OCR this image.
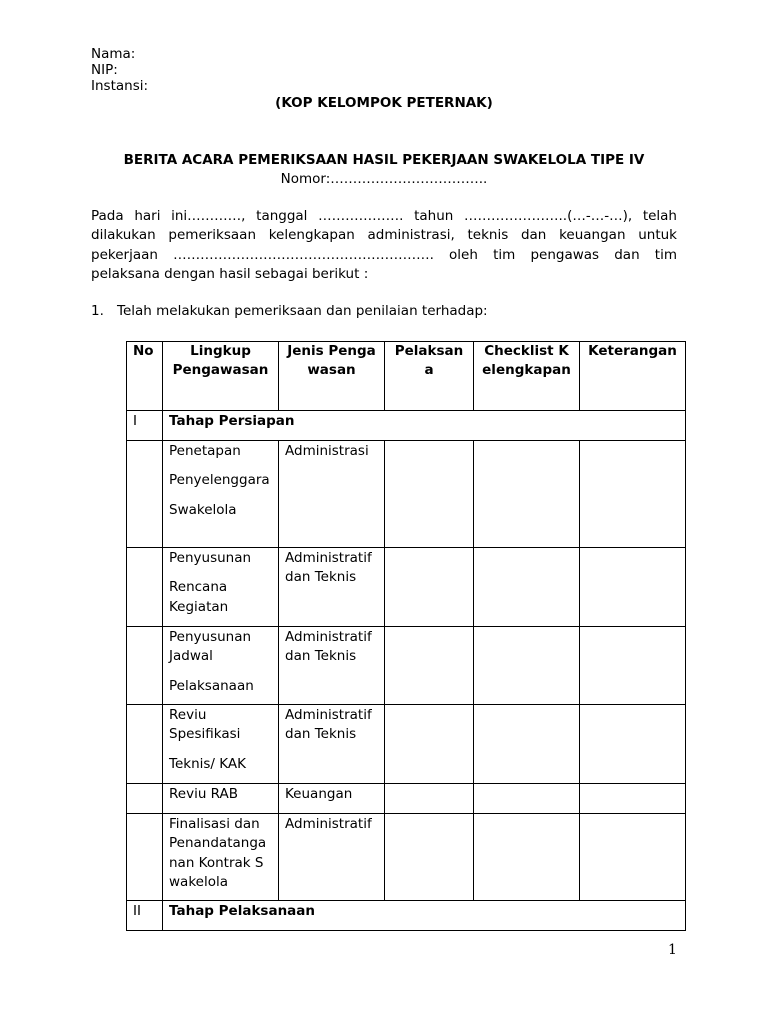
Nama:
NIP:
Instansi:
(KOP KELOMPOK PETERNAK)
BERITA ACARA PEMERIKSAAN HASIL PEKERJAAN SWAKELOLA TIPE IV
Nomor:……………………………..
Pada hari ini…………, tanggal ………………. tahun …………………..(…-…-…), telah dilakukan pemeriksaan kelengkapan administrasi, teknis dan keuangan untuk pekerjaan …………………………………………………. oleh tim pengawas dan tim pelaksana dengan hasil sebagai berikut :
1. Telah melakukan pemeriksaan dan penilaian terhadap:
No	Lingkup Pengawasan	Jenis Pengawasan	Pelaksana	Checklist Kelengkapan	Keterangan
I	Tahap Persiapan				

	Penetapan
Penyelenggara
Swakelola	Administrasi			

	Penyusunan
Rencana Kegiatan	Administratif dan Teknis			

	Penyusunan Jadwal
Pelaksanaan	Administratif dan Teknis			

	Reviu Spesifikasi
Teknis/ KAK	Administratif dan Teknis			

	Reviu RAB	Keuangan			

	Finalisasi dan Penandatanganan Kontrak Swakelola	Administratif			
II	Tahap Pelaksanaan				
1
